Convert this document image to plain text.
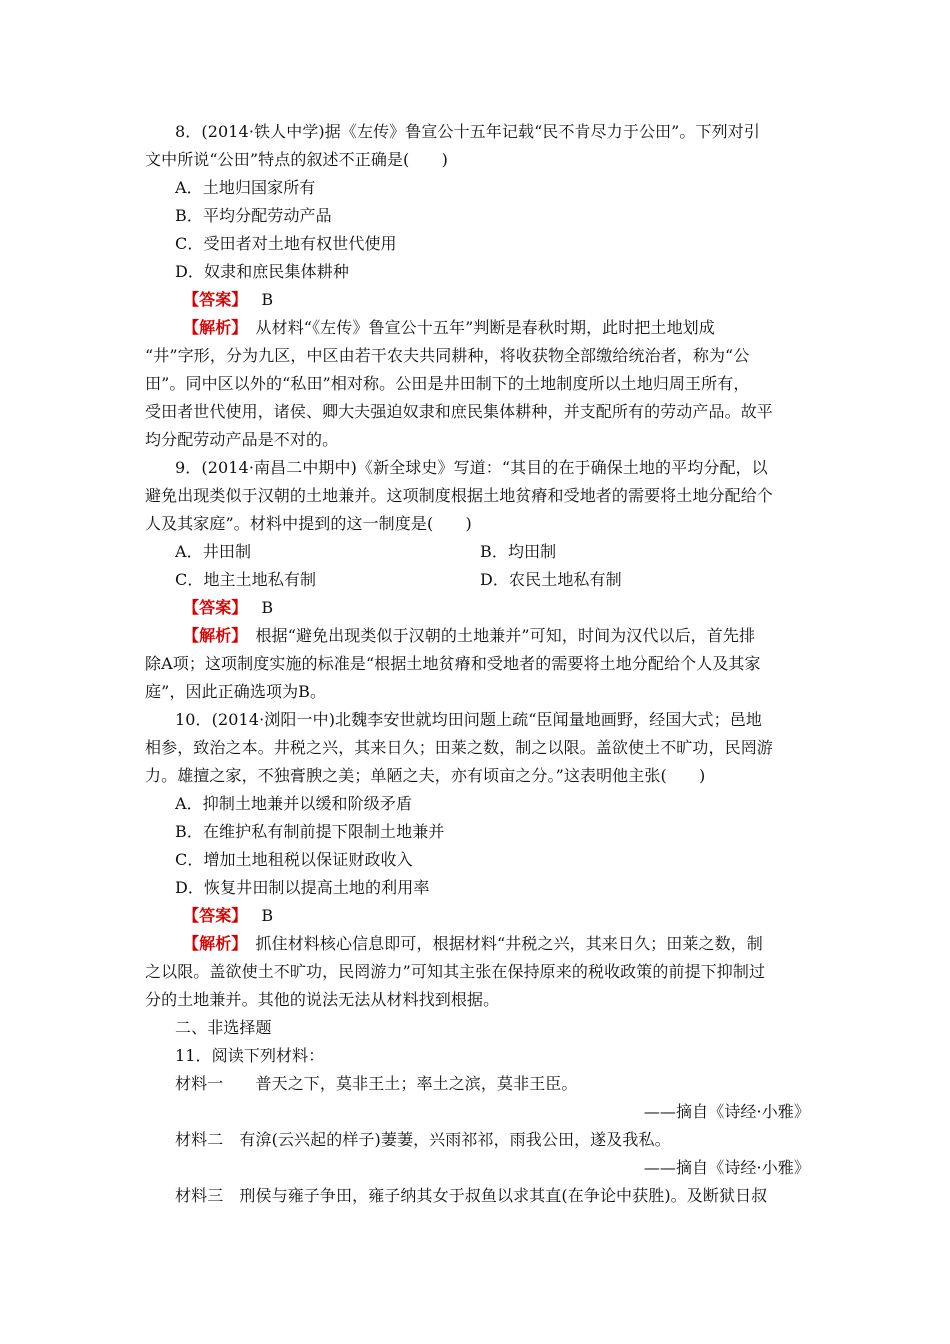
8．(2014·铁人中学)据《左传》鲁宣公十五年记载“民不肯尽力于公田”。下列对引
文中所说“公田”特点的叙述不正确是(　　)
A．土地归国家所有
B．平均分配劳动产品
C．受田者对土地有权世代使用
D．奴隶和庶民集体耕种
【答案】 B
【解析】　从材料“《左传》鲁宣公十五年”判断是春秋时期，此时把土地划成
“井”字形，分为九区，中区由若干农夫共同耕种，将收获物全部缴给统治者，称为“公
田”。同中区以外的“私田”相对称。公田是井田制下的土地制度所以土地归周王所有，
受田者世代使用，诸侯、卿大夫强迫奴隶和庶民集体耕种，并支配所有的劳动产品。故平
均分配劳动产品是不对的。
9．(2014·南昌二中期中)《新全球史》写道：“其目的在于确保土地的平均分配，以
避免出现类似于汉朝的土地兼并。这项制度根据土地贫瘠和受地者的需要将土地分配给个
人及其家庭”。材料中提到的这一制度是(　　)
A．井田制	B．均田制
C．地主土地私有制	D．农民土地私有制
【答案】 B
【解析】　根据“避免出现类似于汉朝的土地兼并”可知，时间为汉代以后，首先排
除A项；这项制度实施的标准是“根据土地贫瘠和受地者的需要将土地分配给个人及其家
庭”，因此正确选项为B。
10．(2014·浏阳一中)北魏李安世就均田问题上疏“臣闻量地画野，经国大式；邑地
相参，致治之本。井税之兴，其来日久；田莱之数，制之以限。盖欲使土不旷功，民罔游
力。雄擅之家，不独膏腴之美；单陋之夫，亦有顷亩之分。”这表明他主张(　　)
A．抑制土地兼并以缓和阶级矛盾
B．在维护私有制前提下限制土地兼并
C．增加土地租税以保证财政收入
D．恢复井田制以提高土地的利用率
【答案】 B
【解析】　抓住材料核心信息即可，根据材料“井税之兴，其来日久；田莱之数，制
之以限。盖欲使土不旷功，民罔游力”可知其主张在保持原来的税收政策的前提下抑制过
分的土地兼并。其他的说法无法从材料找到根据。
二、非选择题
11．阅读下列材料：
材料一　　普天之下，莫非王土；率土之滨，莫非王臣。
——摘自《诗经·小雅》
材料二　有渰(云兴起的样子)萋萋，兴雨祁祁，雨我公田，遂及我私。
——摘自《诗经·小雅》
材料三　刑侯与雍子争田，雍子纳其女于叔鱼以求其直(在争论中获胜)。及断狱日叔
